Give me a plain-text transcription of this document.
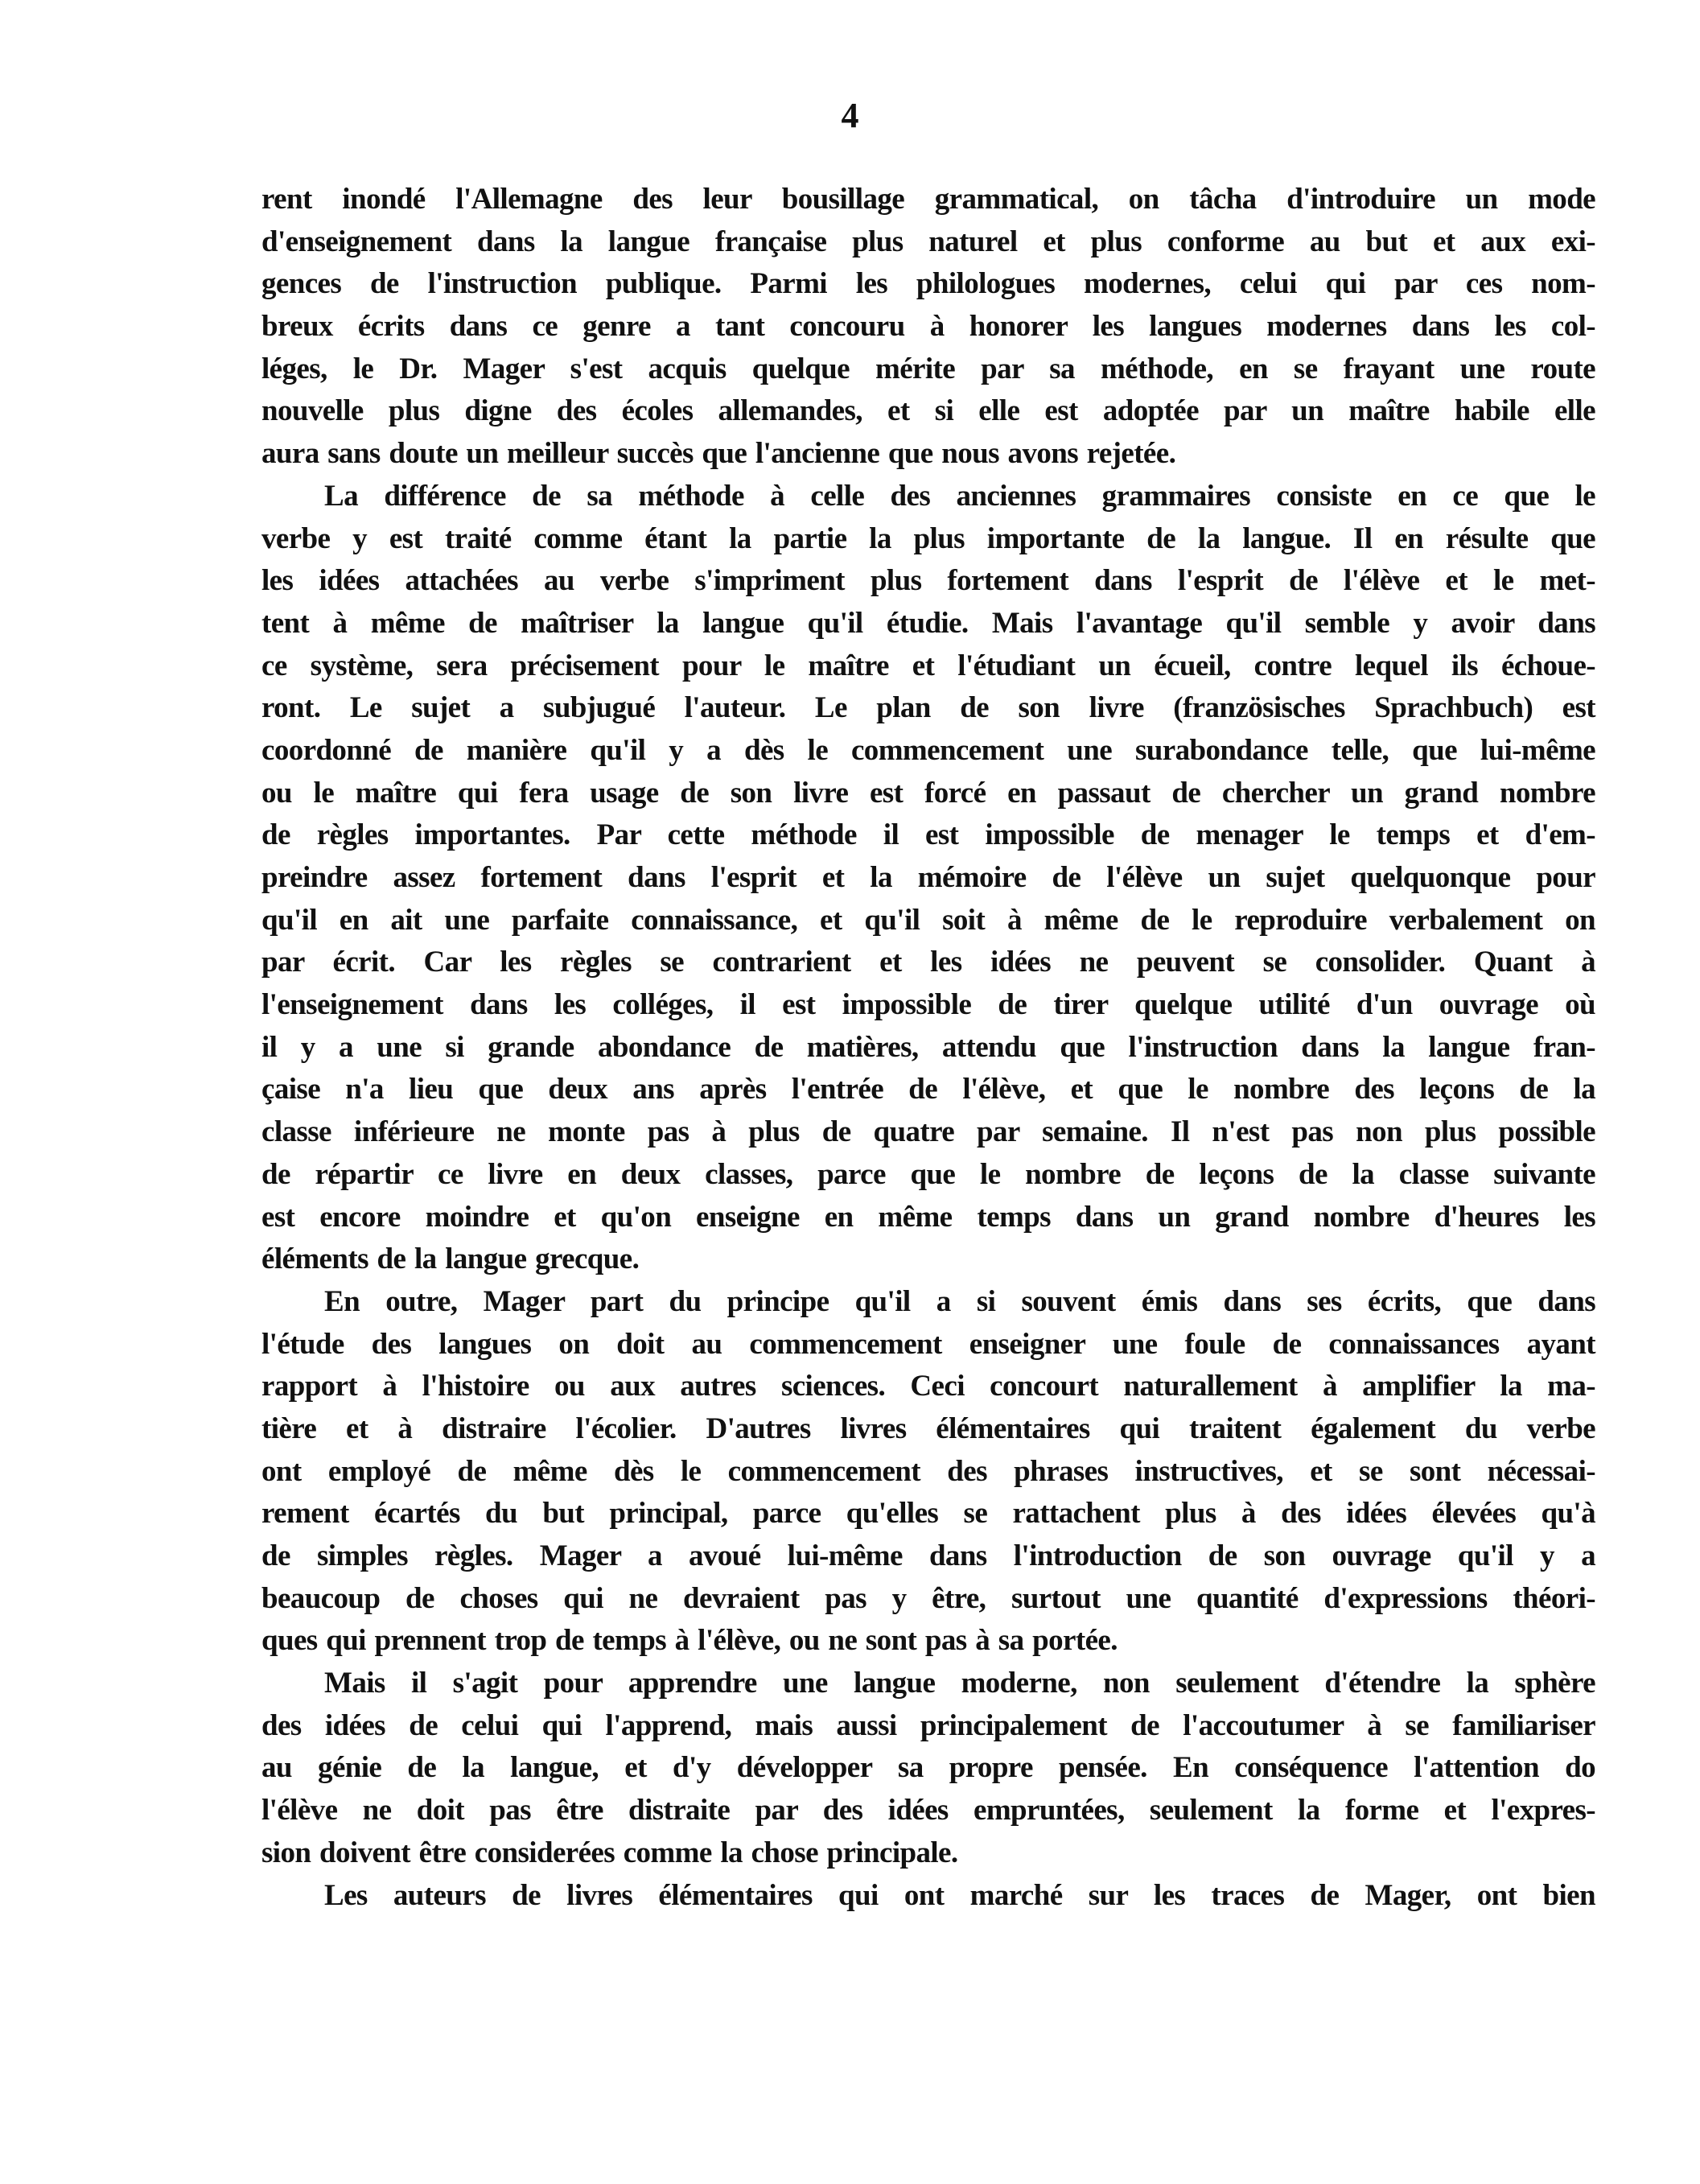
4
rent inondé l'Allemagne des leur bousillage grammatical, on tâcha d'introduire un mode
d'enseignement dans la langue française plus naturel et plus conforme au but et aux exi-
gences de l'instruction publique. Parmi les philologues modernes, celui qui par ces nom-
breux écrits dans ce genre a tant concouru à honorer les langues modernes dans les col-
léges, le Dr. Mager s'est acquis quelque mérite par sa méthode, en se frayant une route
nouvelle plus digne des écoles allemandes, et si elle est adoptée par un maître habile elle
aura sans doute un meilleur succès que l'ancienne que nous avons rejetée.
La différence de sa méthode à celle des anciennes grammaires consiste en ce que le
verbe y est traité comme étant la partie la plus importante de la langue. Il en résulte que
les idées attachées au verbe s'impriment plus fortement dans l'esprit de l'élève et le met-
tent à même de maîtriser la langue qu'il étudie. Mais l'avantage qu'il semble y avoir dans
ce système, sera précisement pour le maître et l'étudiant un écueil, contre lequel ils échoue-
ront. Le sujet a subjugué l'auteur. Le plan de son livre (französisches Sprachbuch) est
coordonné de manière qu'il y a dès le commencement une surabondance telle, que lui-même
ou le maître qui fera usage de son livre est forcé en passaut de chercher un grand nombre
de règles importantes. Par cette méthode il est impossible de menager le temps et d'em-
preindre assez fortement dans l'esprit et la mémoire de l'élève un sujet quelquonque pour
qu'il en ait une parfaite connaissance, et qu'il soit à même de le reproduire verbalement on
par écrit. Car les règles se contrarient et les idées ne peuvent se consolider. Quant à
l'enseignement dans les colléges, il est impossible de tirer quelque utilité d'un ouvrage où
il y a une si grande abondance de matières, attendu que l'instruction dans la langue fran-
çaise n'a lieu que deux ans après l'entrée de l'élève, et que le nombre des leçons de la
classe inférieure ne monte pas à plus de quatre par semaine. Il n'est pas non plus possible
de répartir ce livre en deux classes, parce que le nombre de leçons de la classe suivante
est encore moindre et qu'on enseigne en même temps dans un grand nombre d'heures les
éléments de la langue grecque.
En outre, Mager part du principe qu'il a si souvent émis dans ses écrits, que dans
l'étude des langues on doit au commencement enseigner une foule de connaissances ayant
rapport à l'histoire ou aux autres sciences. Ceci concourt naturallement à amplifier la ma-
tière et à distraire l'écolier. D'autres livres élémentaires qui traitent également du verbe
ont employé de même dès le commencement des phrases instructives, et se sont nécessai-
rement écartés du but principal, parce qu'elles se rattachent plus à des idées élevées qu'à
de simples règles. Mager a avoué lui-même dans l'introduction de son ouvrage qu'il y a
beaucoup de choses qui ne devraient pas y être, surtout une quantité d'expressions théori-
ques qui prennent trop de temps à l'élève, ou ne sont pas à sa portée.
Mais il s'agit pour apprendre une langue moderne, non seulement d'étendre la sphère
des idées de celui qui l'apprend, mais aussi principalement de l'accoutumer à se familiariser
au génie de la langue, et d'y développer sa propre pensée. En conséquence l'attention do
l'élève ne doit pas être distraite par des idées empruntées, seulement la forme et l'expres-
sion doivent être considerées comme la chose principale.
Les auteurs de livres élémentaires qui ont marché sur les traces de Mager, ont bien
